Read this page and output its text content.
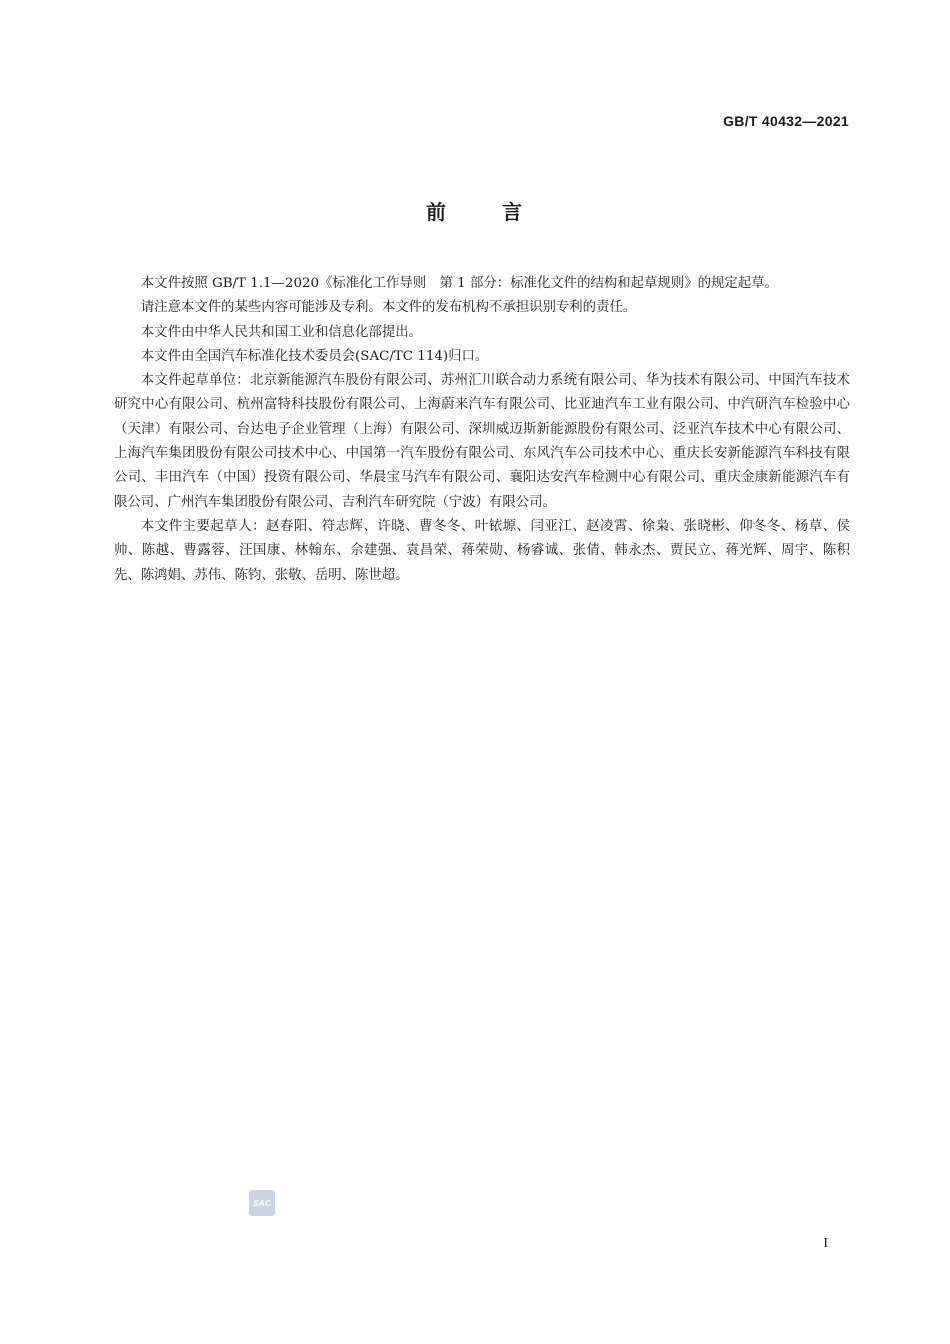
GB/T 40432—2021
前	言

本文件按照 GB/T 1.1—2020《标准化工作导则　第 1 部分：标准化文件的结构和起草规则》的规定起草。

请注意本文件的某些内容可能涉及专利。本文件的发布机构不承担识别专利的责任。

本文件由中华人民共和国工业和信息化部提出。

本文件由全国汽车标准化技术委员会(SAC/TC 114)归口。

本文件起草单位：北京新能源汽车股份有限公司、苏州汇川联合动力系统有限公司、华为技术有限公司、中国汽车技术研究中心有限公司、杭州富特科技股份有限公司、上海蔚来汽车有限公司、比亚迪汽车工业有限公司、中汽研汽车检验中心（天津）有限公司、台达电子企业管理（上海）有限公司、深圳威迈斯新能源股份有限公司、泛亚汽车技术中心有限公司、上海汽车集团股份有限公司技术中心、中国第一汽车股份有限公司、东风汽车公司技术中心、重庆长安新能源汽车科技有限公司、丰田汽车（中国）投资有限公司、华晨宝马汽车有限公司、襄阳达安汽车检测中心有限公司、重庆金康新能源汽车有限公司、广州汽车集团股份有限公司、吉利汽车研究院（宁波）有限公司。

本文件主要起草人：赵春阳、符志辉、许晓、曹冬冬、叶铱塬、闫亚江、赵凌霄、徐枭、张晓彬、仰冬冬、杨草、侯帅、陈越、曹露蓉、汪国康、林翰东、佘建强、袁昌荣、蒋荣勋、杨睿诚、张倩、韩永杰、贾民立、蒋光辉、周宇、陈积先、陈鸿娟、苏伟、陈钧、张敬、岳明、陈世超。

SAC
I
